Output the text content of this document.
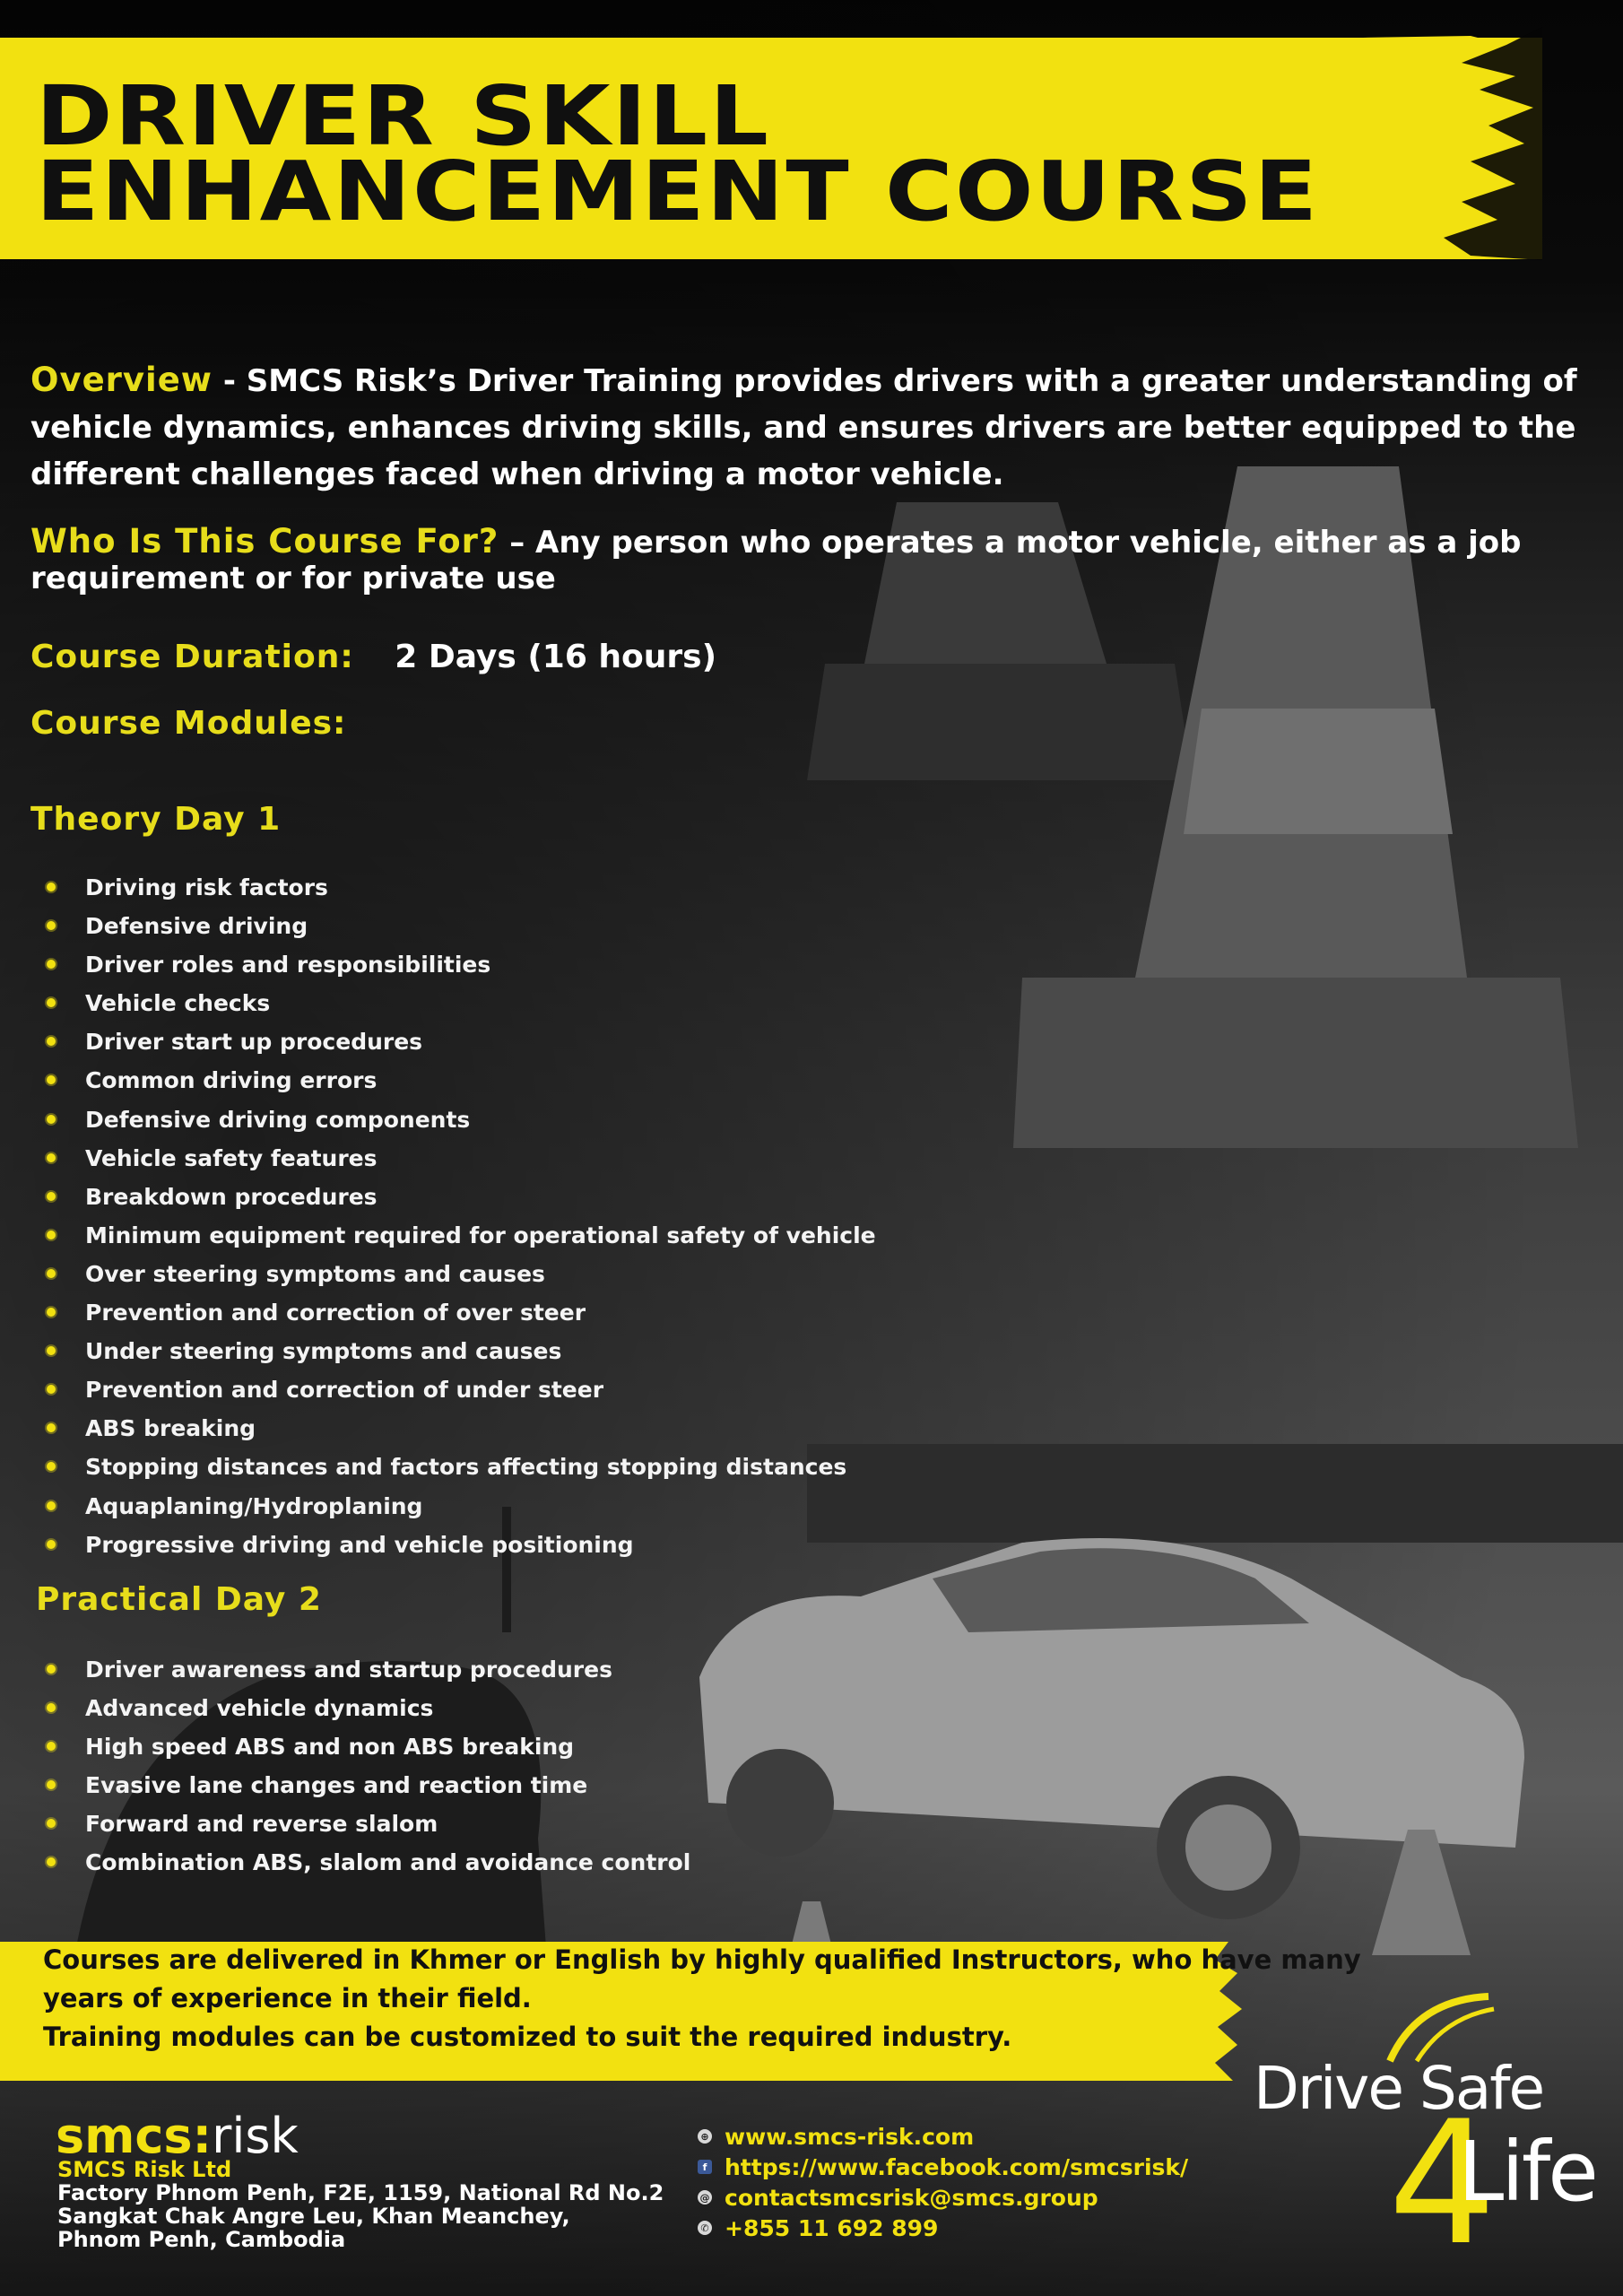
DRIVER SKILL
ENHANCEMENT COURSE
Overview - SMCS Risk’s Driver Training provides drivers with a greater understanding of vehicle dynamics, enhances driving skills, and ensures drivers are better equipped to the different challenges faced when driving a motor vehicle.
Who Is This Course For? – Any person who operates a motor vehicle, either as a job requirement or for private use
Course Duration: 2 Days (16 hours)
Course Modules:
Theory Day 1
Driving risk factors
Defensive driving
Driver roles and responsibilities
Vehicle checks
Driver start up procedures
Common driving errors
Defensive driving components
Vehicle safety features
Breakdown procedures
Minimum equipment required for operational safety of vehicle
Over steering symptoms and causes
Prevention and correction of over steer
Under steering symptoms and causes
Prevention and correction of under steer
ABS breaking
Stopping distances and factors affecting stopping distances
Aquaplaning/Hydroplaning
Progressive driving and vehicle positioning
Practical Day 2
Driver awareness and startup procedures
Advanced vehicle dynamics
High speed ABS and non ABS breaking
Evasive lane changes and reaction time
Forward and reverse slalom
Combination ABS, slalom and avoidance control

Courses are delivered in Khmer or English by highly qualified Instructors, who have many
years of experience in their field.
Training modules can be customized to suit the required industry.

smcs:risk
SMCS Risk Ltd
Factory Phnom Penh, F2E, 1159, National Rd No.2
Sangkat Chak Angre Leu, Khan Meanchey,
Phnom Penh, Cambodia
⊕ www.smcs-risk.com
f https://www.facebook.com/smcsrisk/
@ contactsmcsrisk@smcs.group
✆ +855 11 692 899
Drive Safe
4
Life
